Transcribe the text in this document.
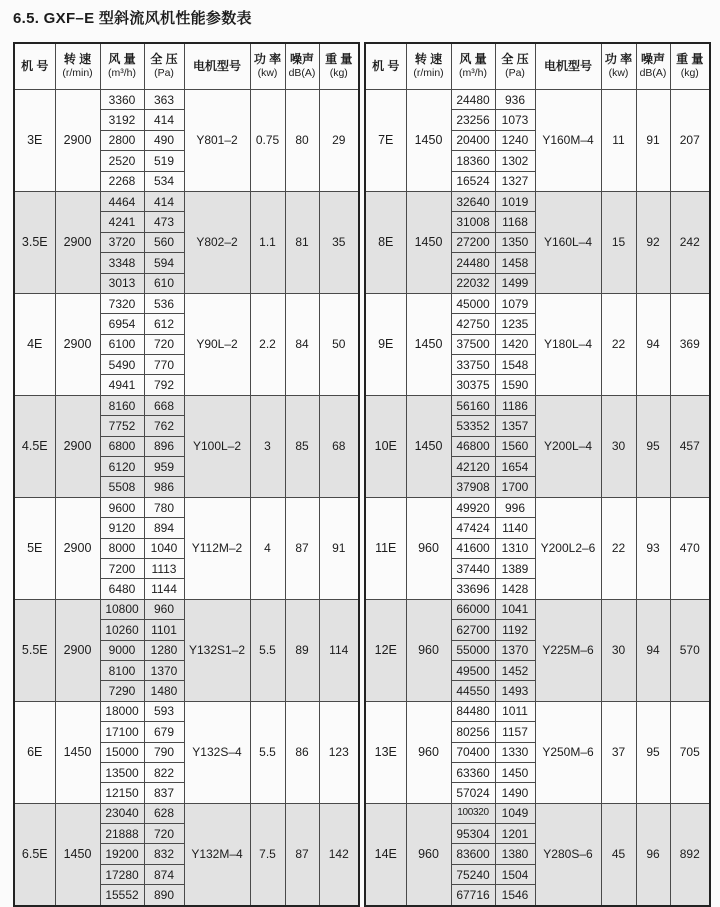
6.5. GXF–E 型斜流风机性能参数表
机 号	转 速
(r/min)

风 量
(m³/h)

全 压
(Pa)

电机型号	功 率
(kw)

噪声
dB(A)

重 量
(kg)

3E	2900	3360	363	Y801–2	0.75	80	29
		3192	414				
		2800	490				
		2520	519				
		2268	534				
3.5E	2900	4464	414	Y802–2	1.1	81	35
		4241	473				
		3720	560				
		3348	594				
		3013	610				
4E	2900	7320	536	Y90L–2	2.2	84	50
		6954	612				
		6100	720				
		5490	770				
		4941	792				
4.5E	2900	8160	668	Y100L–2	3	85	68
		7752	762				
		6800	896				
		6120	959				
		5508	986				
5E	2900	9600	780	Y112M–2	4	87	91
		9120	894				
		8000	1040				
		7200	1113				
		6480	1144				
5.5E	2900	10800	960	Y132S1–2	5.5	89	114
		10260	1101				
		9000	1280				
		8100	1370				
		7290	1480				
6E	1450	18000	593	Y132S–4	5.5	86	123
		17100	679				
		15000	790				
		13500	822				
		12150	837				
6.5E	1450	23040	628	Y132M–4	7.5	87	142
		21888	720				
		19200	832				
		17280	874				
		15552	890				
机 号	转 速
(r/min)

风 量
(m³/h)

全 压
(Pa)

电机型号	功 率
(kw)

噪声
dB(A)

重 量
(kg)

7E	1450	24480	936	Y160M–4	11	91	207
		23256	1073				
		20400	1240				
		18360	1302				
		16524	1327				
8E	1450	32640	1019	Y160L–4	15	92	242
		31008	1168				
		27200	1350				
		24480	1458				
		22032	1499				
9E	1450	45000	1079	Y180L–4	22	94	369
		42750	1235				
		37500	1420				
		33750	1548				
		30375	1590				
10E	1450	56160	1186	Y200L–4	30	95	457
		53352	1357				
		46800	1560				
		42120	1654				
		37908	1700				
11E	960	49920	996	Y200L2–6	22	93	470
		47424	1140				
		41600	1310				
		37440	1389				
		33696	1428				
12E	960	66000	1041	Y225M–6	30	94	570
		62700	1192				
		55000	1370				
		49500	1452				
		44550	1493				
13E	960	84480	1011	Y250M–6	37	95	705
		80256	1157				
		70400	1330				
		63360	1450				
		57024	1490				
14E	960	100320	1049	Y280S–6	45	96	892
		95304	1201				
		83600	1380				
		75240	1504				
		67716	1546				
